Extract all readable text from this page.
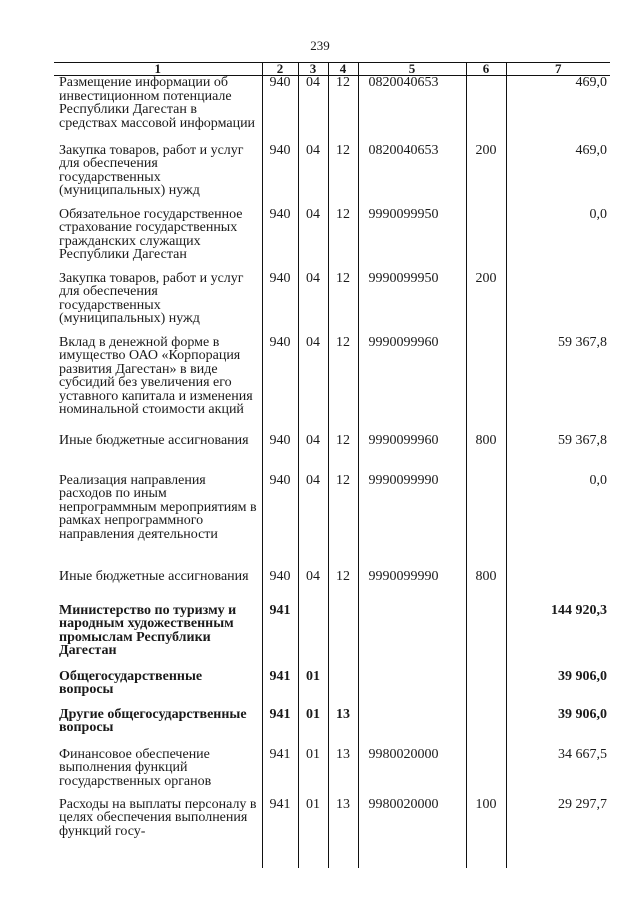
239
1	2	3	4	5	6	7
Размещение информации об инвестиционном потенциале Республики Дагестан в средствах массовой информации	940	04	12	0820040653		469,0
Закупка товаров, работ и услуг для обеспечения государственных (муниципальных) нужд	940	04	12	0820040653	200	469,0
Обязательное государственное страхование государственных гражданских служащих Республики Дагестан	940	04	12	9990099950		0,0
Закупка товаров, работ и услуг для обеспечения государственных (муниципальных) нужд	940	04	12	9990099950	200	
Вклад в денежной форме в имущество ОАО «Корпорация развития Дагестан» в виде субсидий без увеличения его уставного капитала и изменения номинальной стоимости акций	940	04	12	9990099960		59 367,8
Иные бюджетные ассигнования	940	04	12	9990099960	800	59 367,8
Реализация направления расходов по иным непрограммным мероприятиям в рамках непрограммного направления деятельности	940	04	12	9990099990		0,0
Иные бюджетные ассигнования	940	04	12	9990099990	800	
Министерство по туризму и народным художественным промыслам Республики Дагестан	941					144 920,3
Общегосударственные вопросы	941	01				39 906,0
Другие общегосударственные вопросы	941	01	13			39 906,0
Финансовое обеспечение выполнения функций государственных органов	941	01	13	9980020000		34 667,5
Расходы на выплаты персоналу в целях обеспечения выполнения функций госу-	941	01	13	9980020000	100	29 297,7
